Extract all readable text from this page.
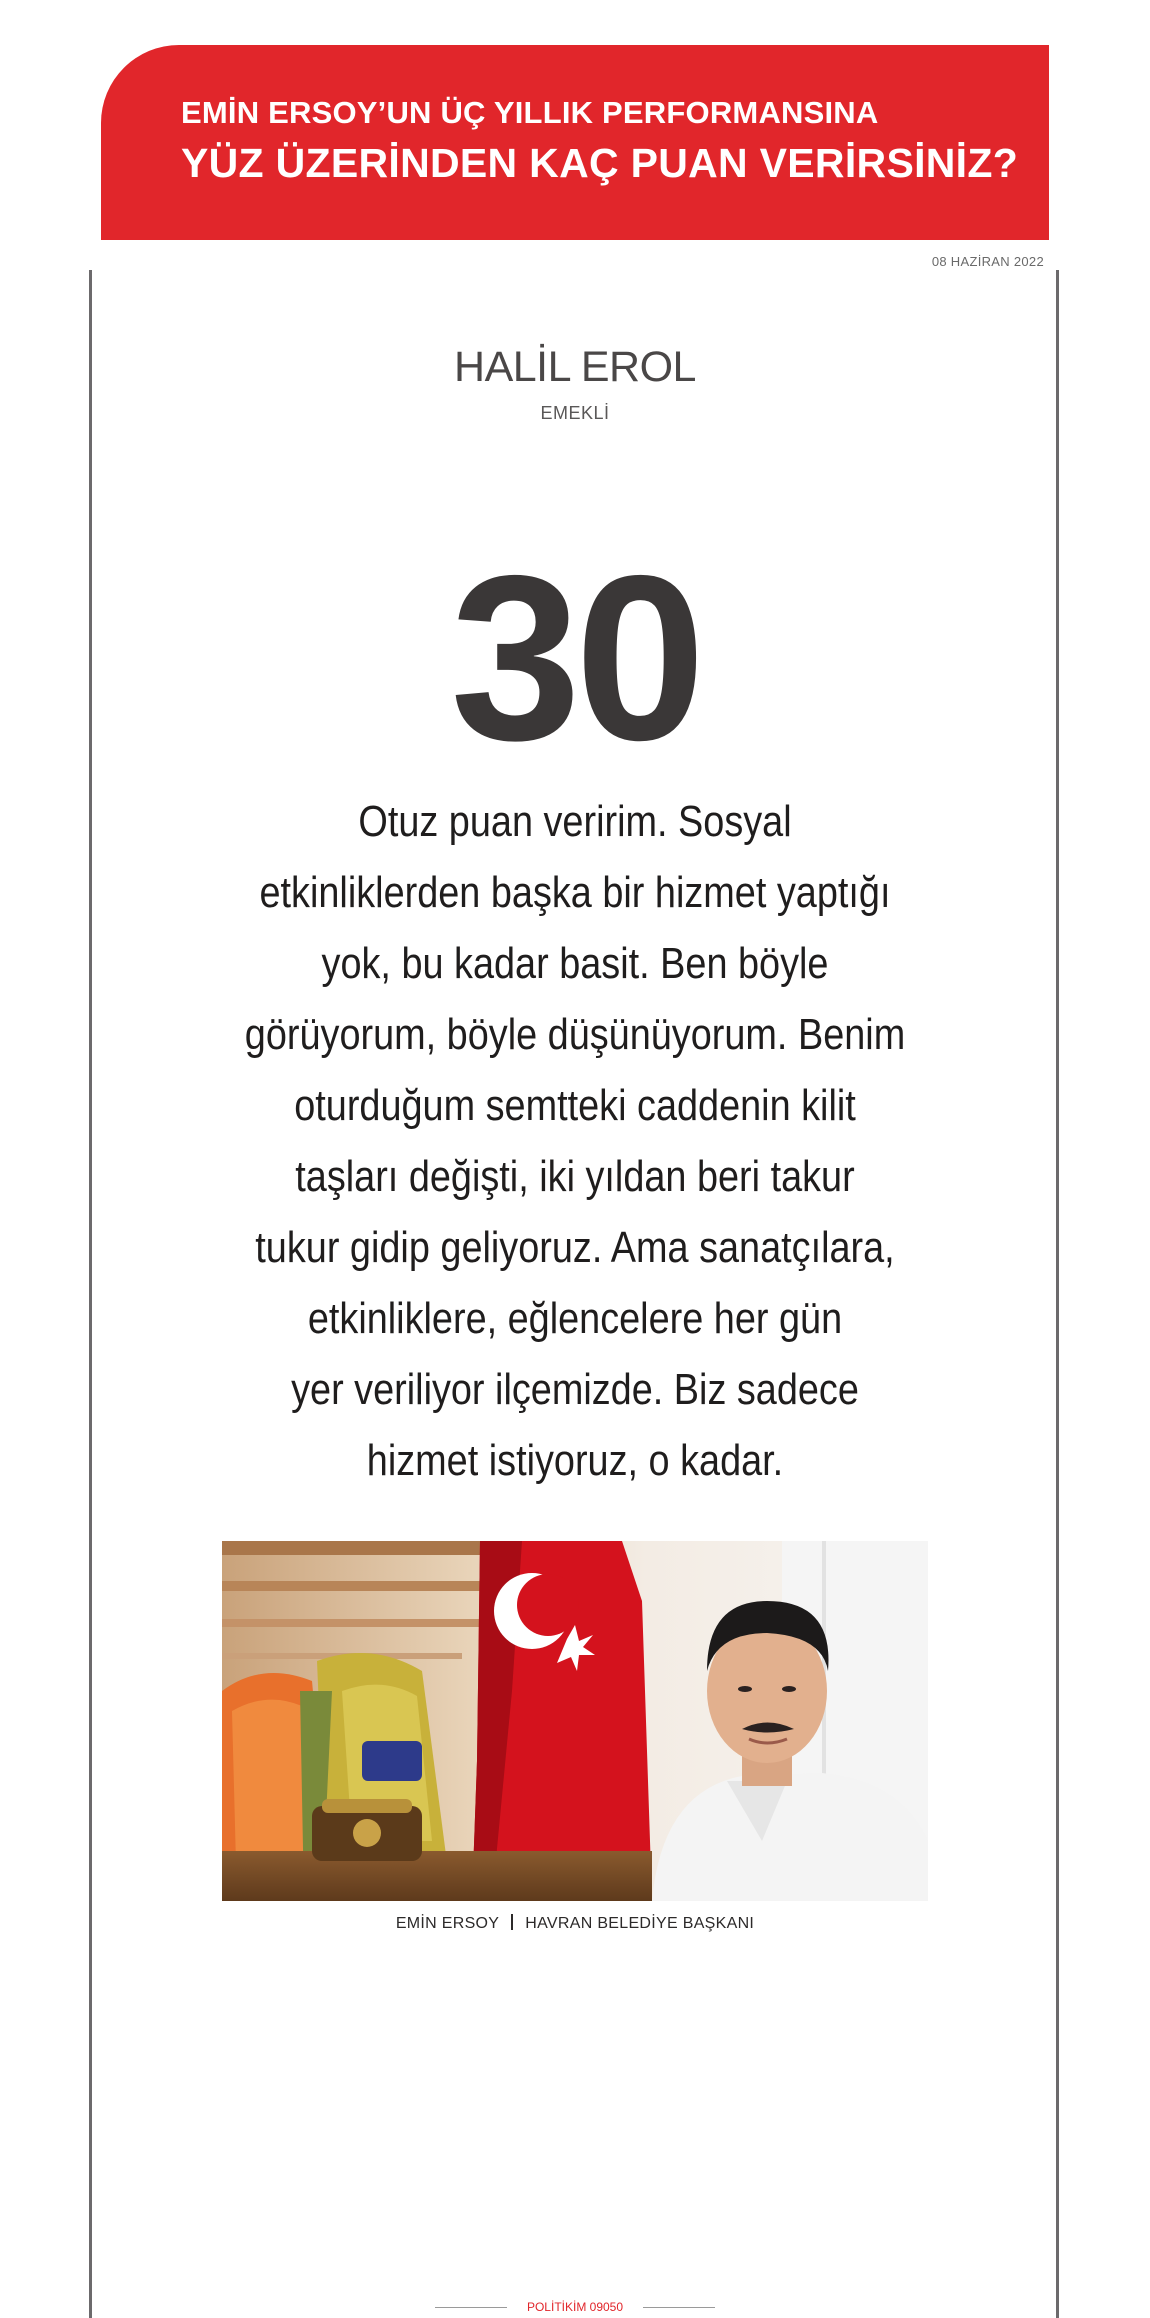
EMİN ERSOY’UN ÜÇ YILLIK PERFORMANSINA
YÜZ ÜZERİNDEN KAÇ PUAN VERİRSİNİZ?
08 HAZİRAN 2022
HALİL EROL
EMEKLİ
30
Otuz puan veririm. Sosyal
etkinliklerden başka bir hizmet yaptığı
yok, bu kadar basit. Ben böyle
görüyorum, böyle düşünüyorum. Benim
oturduğum semtteki caddenin kilit
taşları değişti, iki yıldan beri takur
tukur gidip geliyoruz. Ama sanatçılara,
etkinliklere, eğlencelere her gün
yer veriliyor ilçemizde. Biz sadece
hizmet istiyoruz, o kadar.
EMİN ERSOY HAVRAN BELEDİYE BAŞKANI
POLİTİKİM 09050
